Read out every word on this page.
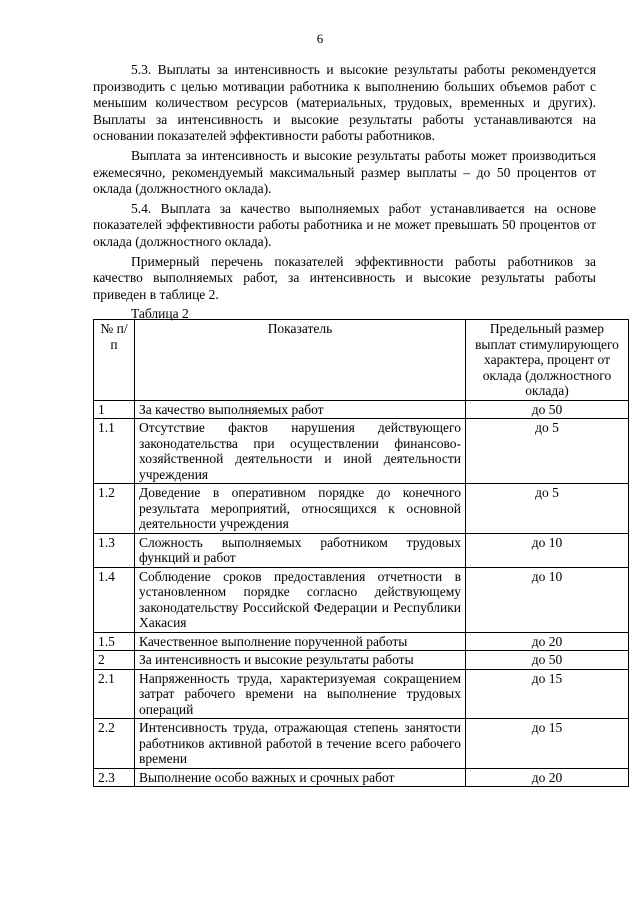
6

5.3. Выплаты за интенсивность и высокие результаты работы рекомендуется производить с целью мотивации работника к выполнению больших объемов работ с меньшим количеством ресурсов (материальных, трудовых, временных и других). Выплаты за интенсивность и высокие результаты работы устанавливаются на основании показателей эффективности работы работников.

Выплата за интенсивность и высокие результаты работы может производиться ежемесячно, рекомендуемый максимальный размер выплаты – до 50 процентов от оклада (должностного оклада).

5.4. Выплата за качество выполняемых работ устанавливается на основе показателей эффективности работы работника и не может превышать 50 процентов от оклада (должностного оклада).

Примерный перечень показателей эффективности работы работников за качество выполняемых работ, за интенсивность и высокие результаты работы приведен в таблице 2.

Таблица 2

№ п/п	Показатель	Предельный размер выплат стимулирующего характера, процент от оклада (должностного оклада)
1	За качество выполняемых работ	до 50
1.1	Отсутствие фактов нарушения действующего законодательства при осуществлении финансово-хозяйственной деятельности и иной деятельности учреждения	до 5
1.2	Доведение в оперативном порядке до конечного результата мероприятий, относящихся к основной деятельности учреждения	до 5
1.3	Сложность выполняемых работником трудовых функций и работ	до 10
1.4	Соблюдение сроков предоставления отчетности в установленном порядке согласно действующему законодательству Российской Федерации и Республики Хакасия	до 10
1.5	Качественное выполнение порученной работы	до 20
2	За интенсивность и высокие результаты работы	до 50
2.1	Напряженность труда, характеризуемая сокращением затрат рабочего времени на выполнение трудовых операций	до 15
2.2	Интенсивность труда, отражающая степень занятости работников активной работой в течение всего рабочего времени	до 15
2.3	Выполнение особо важных и срочных работ	до 20
